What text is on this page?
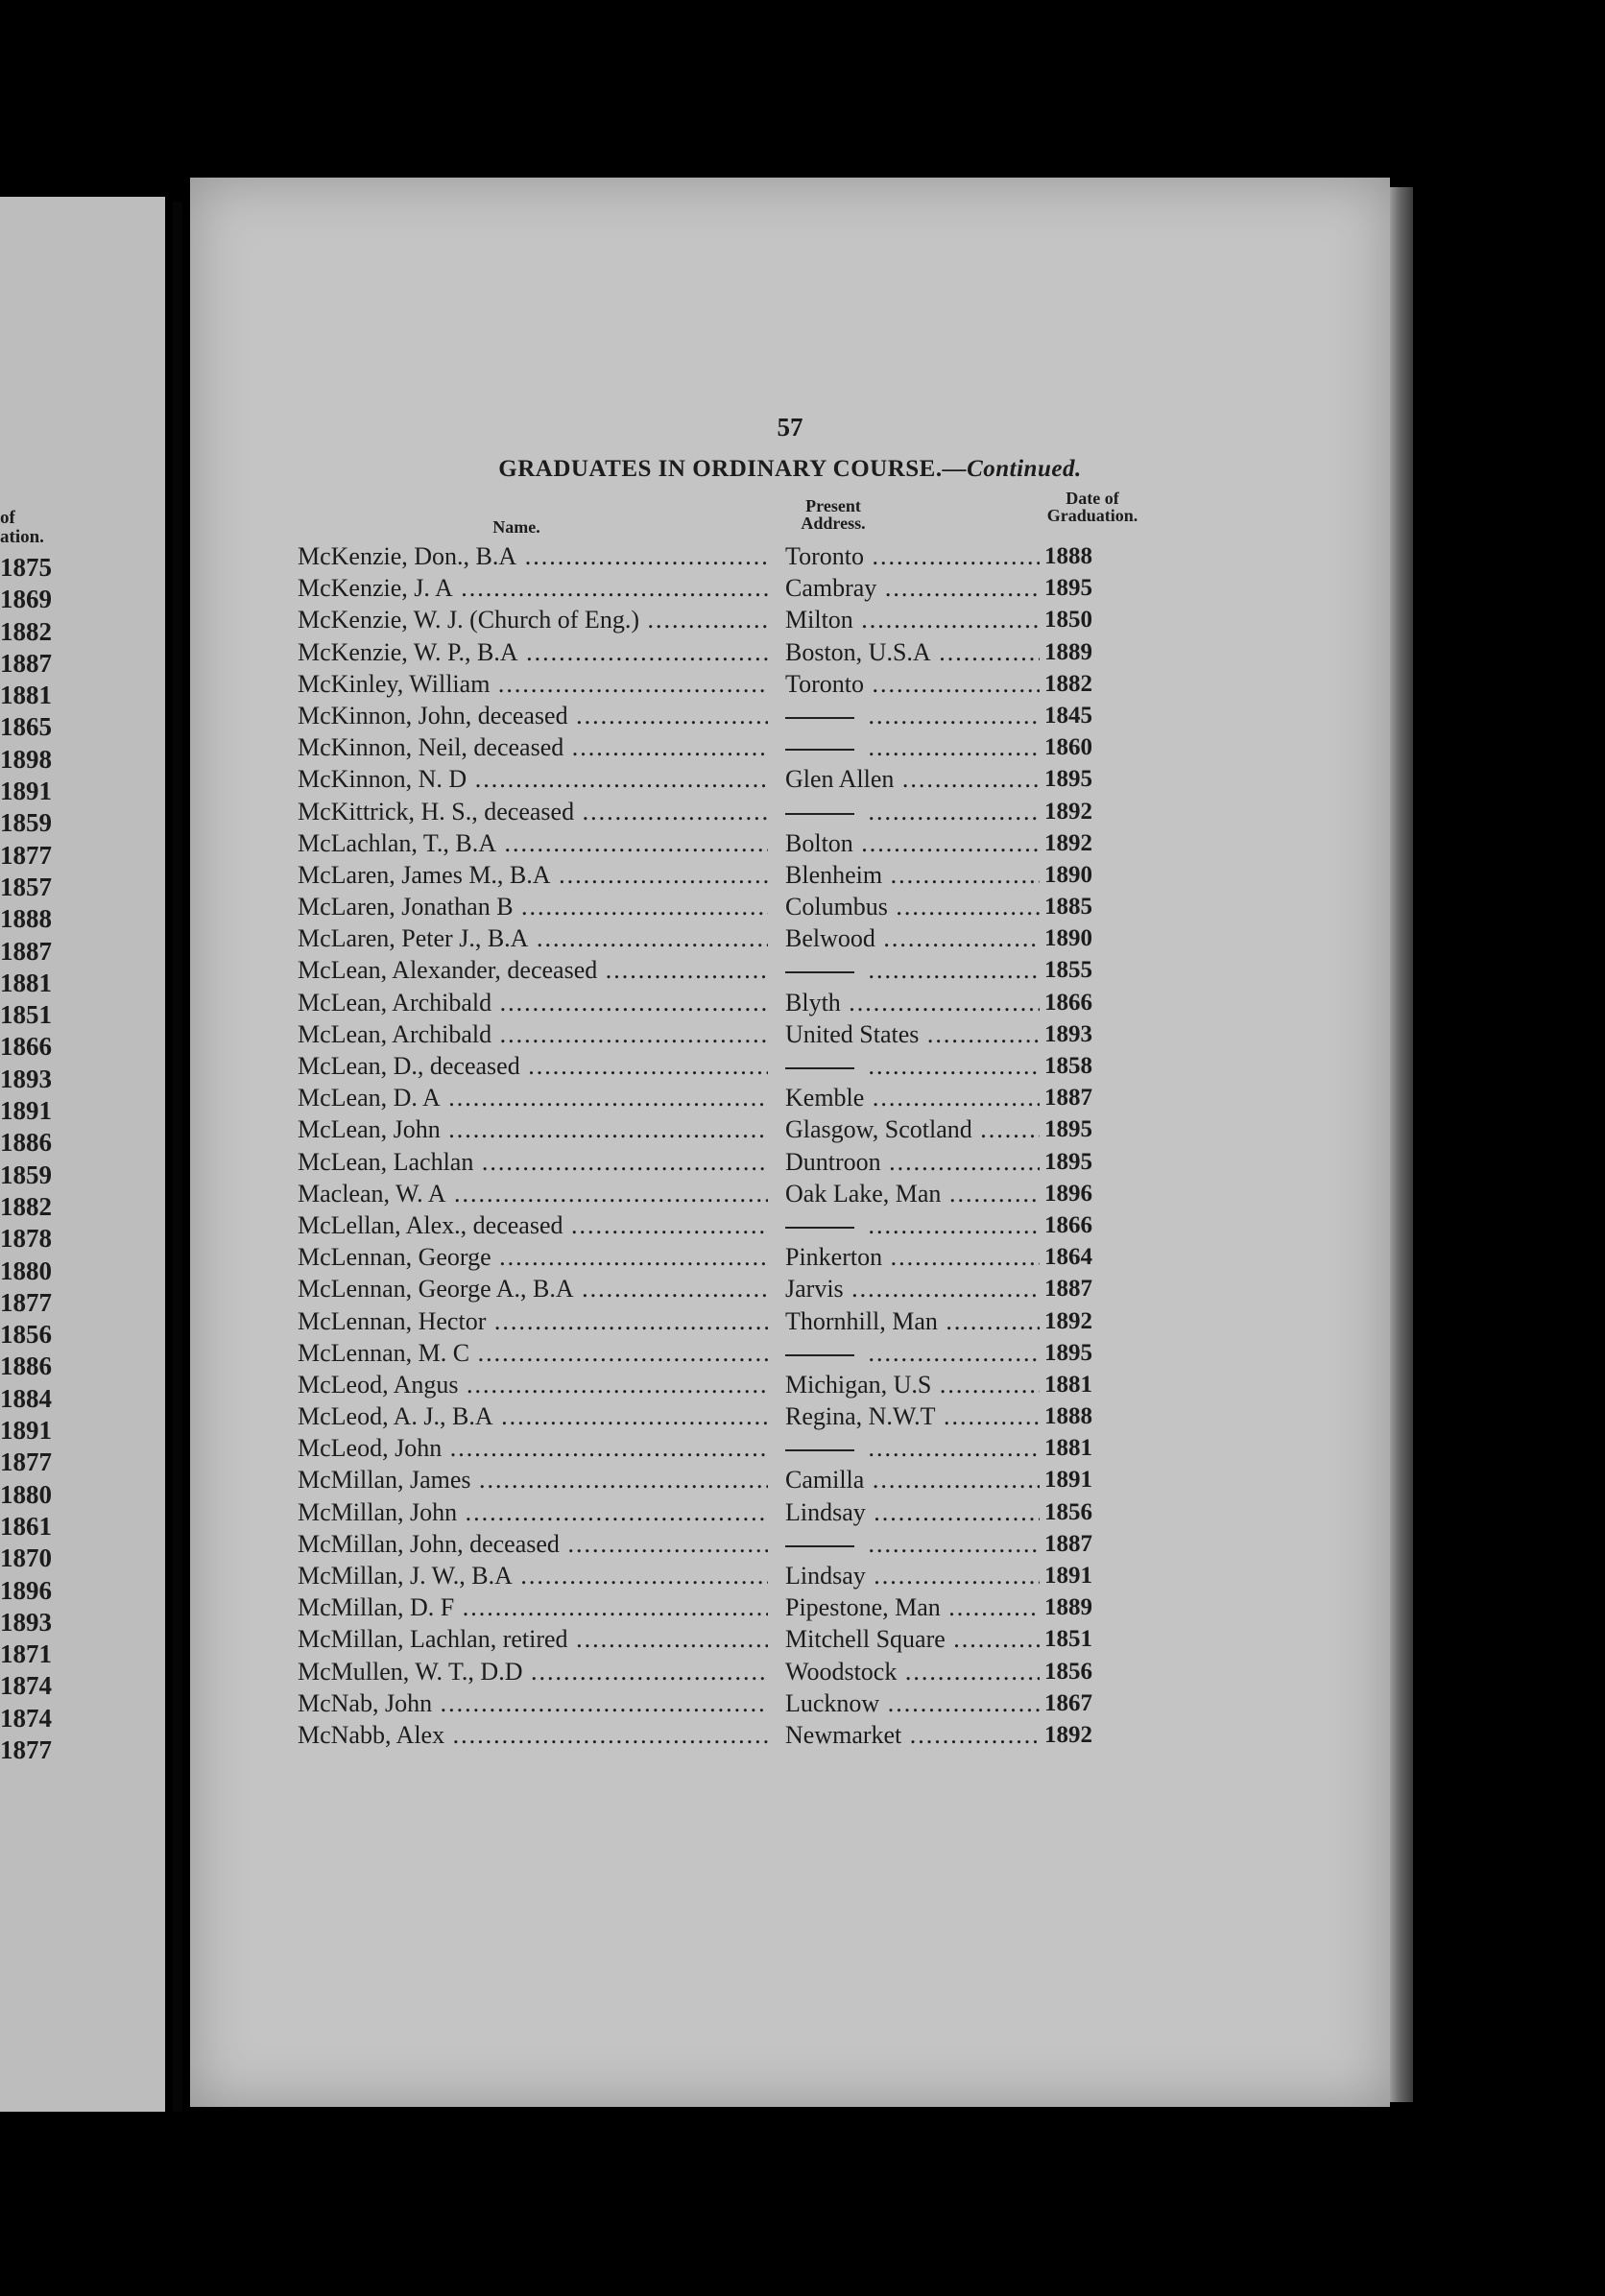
of
ation.
1875
1869
1882
1887
1881
1865
1898
1891
1859
1877
1857
1888
1887
1881
1851
1866
1893
1891
1886
1859
1882
1878
1880
1877
1856
1886
1884
1891
1877
1880
1861
1870
1896
1893
1871
1874
1874
1877
57
GRADUATES IN ORDINARY COURSE.—Continued.
Name.
Present
Address.
Date of
Graduation.
McKenzie, Don., B.A .....	Toronto .....	1888
McKenzie, J. A .....	Cambray .....	1895
McKenzie, W. J. (Church of Eng.) .....	Milton .....	1850
McKenzie, W. P., B.A .....	Boston, U.S.A .....	1889
McKinley, William .....	Toronto .....	1882
McKinnon, John, deceased ..... .....	1845
McKinnon, Neil, deceased ..... .....	1860
McKinnon, N. D .....	Glen Allen .....	1895
McKittrick, H. S., deceased ..... .....	1892
McLachlan, T., B.A .....	Bolton .....	1892
McLaren, James M., B.A .....	Blenheim .....	1890
McLaren, Jonathan B .....	Columbus .....	1885
McLaren, Peter J., B.A .....	Belwood .....	1890
McLean, Alexander, deceased ..... .....	1855
McLean, Archibald .....	Blyth .....	1866
McLean, Archibald .....	United States .....	1893
McLean, D., deceased ..... .....	1858
McLean, D. A .....	Kemble .....	1887
McLean, John .....	Glasgow, Scotland .....	1895
McLean, Lachlan .....	Duntroon .....	1895
Maclean, W. A .....	Oak Lake, Man .....	1896
McLellan, Alex., deceased ..... .....	1866
McLennan, George .....	Pinkerton .....	1864
McLennan, George A., B.A .....	Jarvis .....	1887
McLennan, Hector .....	Thornhill, Man .....	1892
McLennan, M. C ..... .....	1895
McLeod, Angus .....	Michigan, U.S .....	1881
McLeod, A. J., B.A .....	Regina, N.W.T .....	1888
McLeod, John ..... .....	1881
McMillan, James .....	Camilla .....	1891
McMillan, John .....	Lindsay .....	1856
McMillan, John, deceased ..... .....	1887
McMillan, J. W., B.A .....	Lindsay .....	1891
McMillan, D. F .....	Pipestone, Man .....	1889
McMillan, Lachlan, retired .....	Mitchell Square .....	1851
McMullen, W. T., D.D .....	Woodstock .....	1856
McNab, John .....	Lucknow .....	1867
McNabb, Alex .....	Newmarket .....	1892
